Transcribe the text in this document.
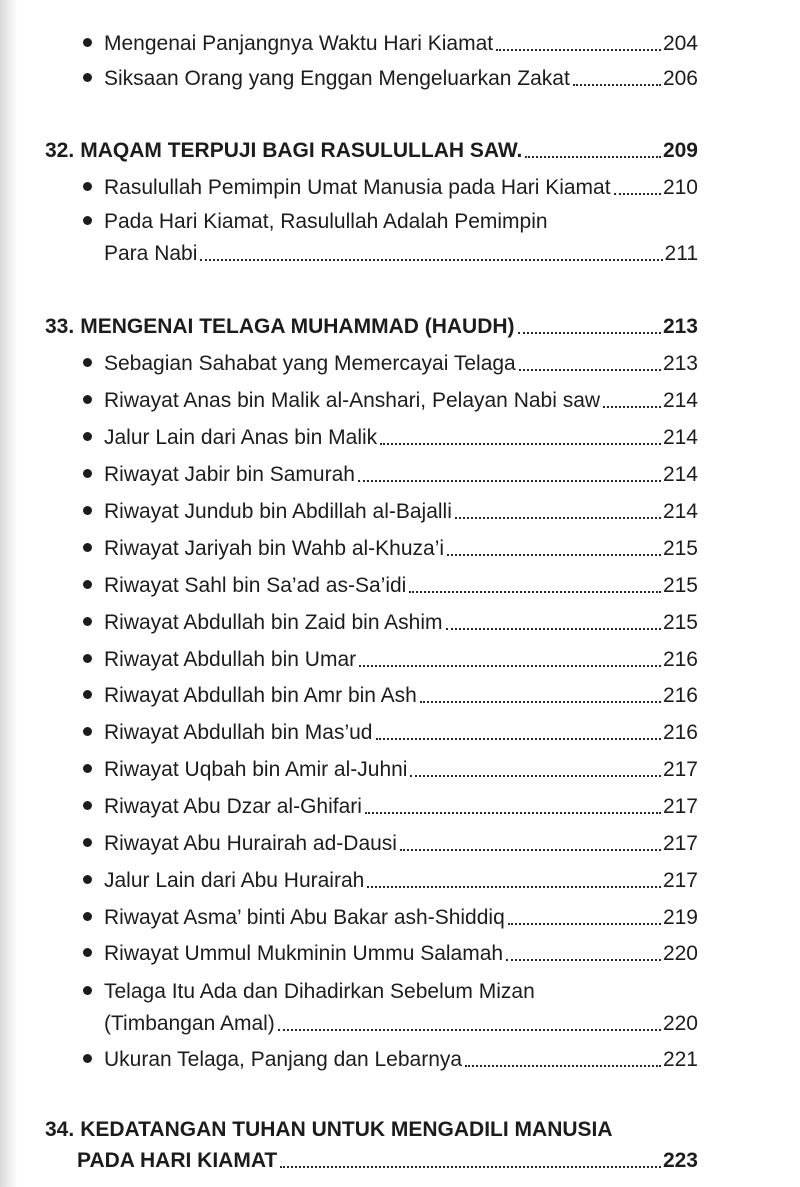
Mengenai Panjangnya Waktu Hari Kiamat	204
Siksaan Orang yang Enggan Mengeluarkan Zakat	206
32. MAQAM TERPUJI BAGI RASULULLAH SAW.	209
Rasulullah Pemimpin Umat Manusia pada Hari Kiamat 210
Pada Hari Kiamat, Rasulullah Adalah Pemimpin
Para Nabi	211
33. MENGENAI TELAGA MUHAMMAD (HAUDH)	213
Sebagian Sahabat yang Memercayai Telaga	213
Riwayat Anas bin Malik al-Anshari, Pelayan Nabi saw	214
Jalur Lain dari Anas bin Malik	214
Riwayat Jabir bin Samurah	214
Riwayat Jundub bin Abdillah al-Bajalli	214
Riwayat Jariyah bin Wahb al-Khuza’i	215
Riwayat Sahl bin Sa’ad as-Sa’idi	215
Riwayat Abdullah bin Zaid bin Ashim	215
Riwayat Abdullah bin Umar	216
Riwayat Abdullah bin Amr bin Ash	216
Riwayat Abdullah bin Mas’ud	216
Riwayat Uqbah bin Amir al-Juhni	217
Riwayat Abu Dzar al-Ghifari	217
Riwayat Abu Hurairah ad-Dausi	217
Jalur Lain dari Abu Hurairah	217
Riwayat Asma’ binti Abu Bakar ash-Shiddiq	219
Riwayat Ummul Mukminin Ummu Salamah	220
Telaga Itu Ada dan Dihadirkan Sebelum Mizan
(Timbangan Amal)	220
Ukuran Telaga, Panjang dan Lebarnya	221
34. KEDATANGAN TUHAN UNTUK MENGADILI MANUSIA
PADA HARI KIAMAT	223
